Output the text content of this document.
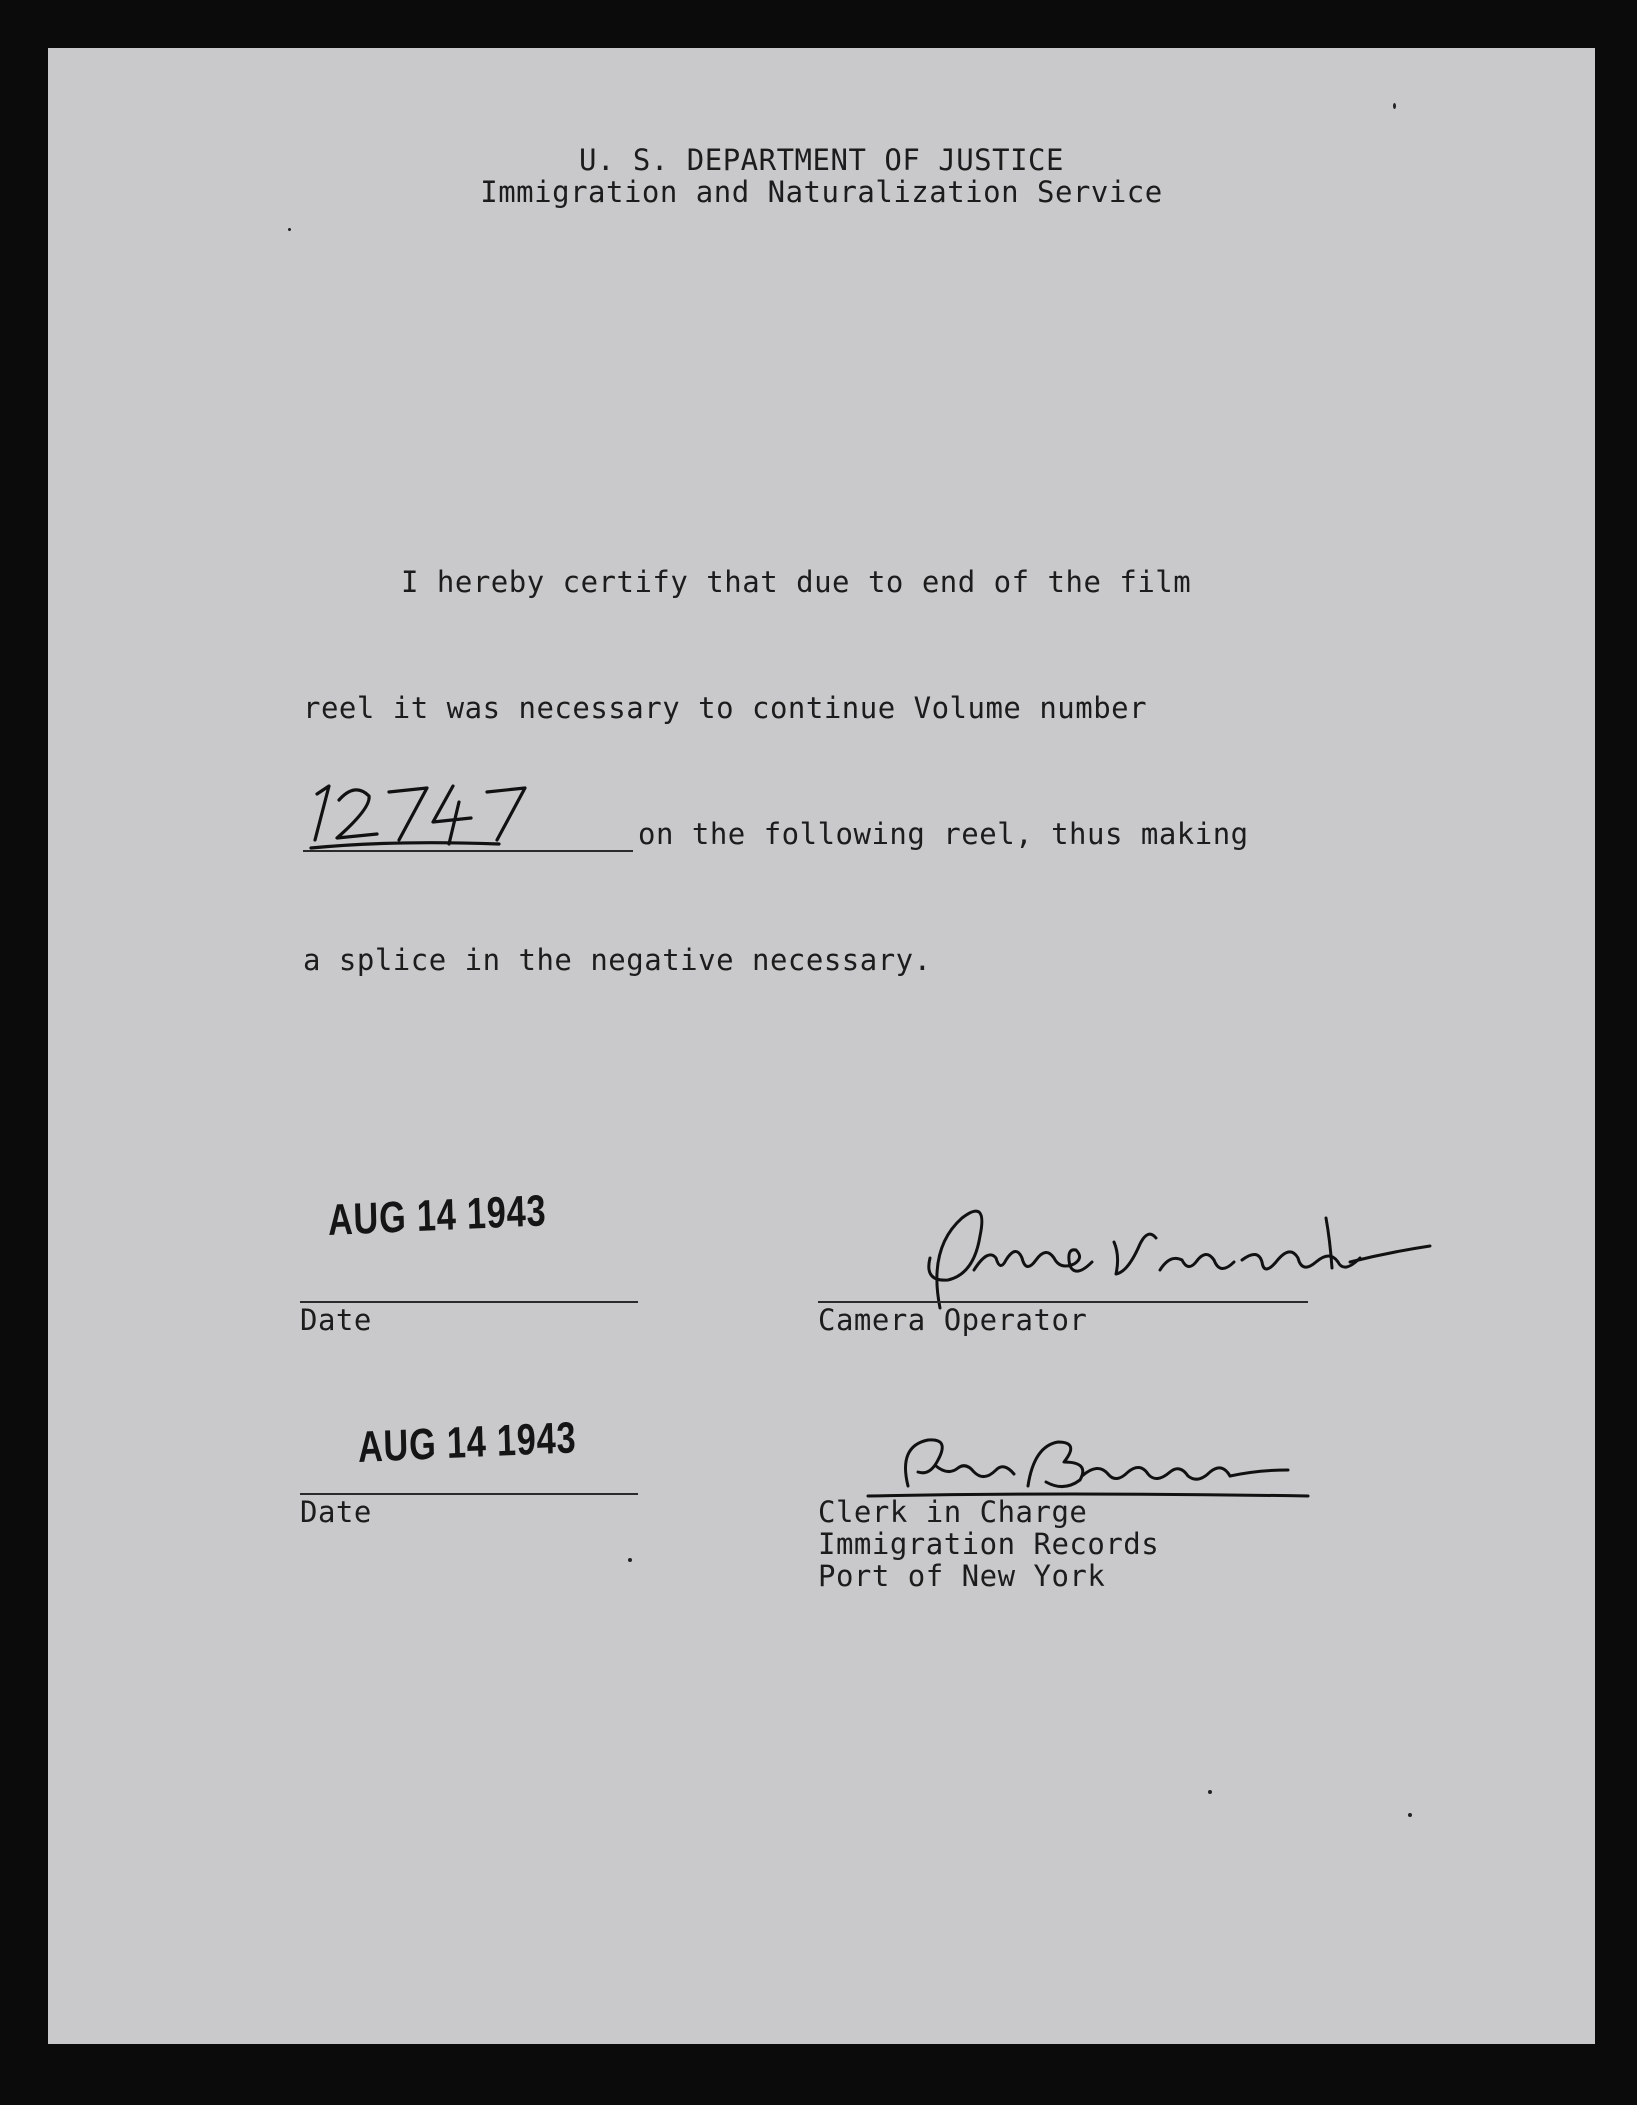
U. S. DEPARTMENT OF JUSTICE
Immigration and Naturalization Service
I hereby certify that due to end of the film
reel it was necessary to continue Volume number
on the following reel, thus making
a splice in the negative necessary.
AUG 14 1943
Date	Camera Operator
AUG 14 1943
Date	Clerk in Charge
Immigration Records
Port of New York
